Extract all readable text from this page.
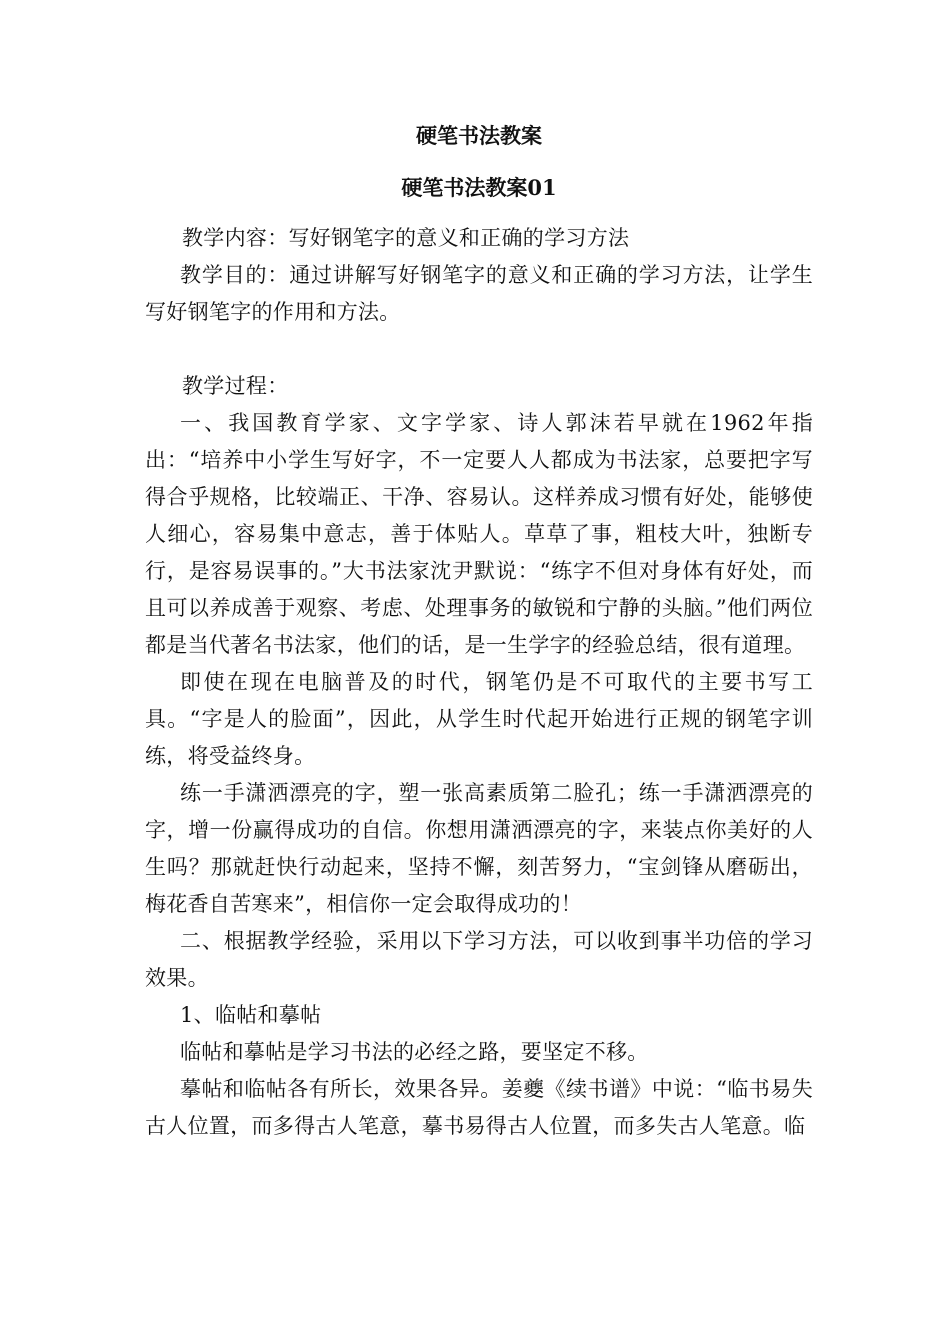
硬笔书法教案
硬笔书法教案01

教学内容：写好钢笔字的意义和正确的学习方法

教学目的：通过讲解写好钢笔字的意义和正确的学习方法，让学生写好钢笔字的作用和方法。

教学过程：

一、我国教育学家、文字学家、诗人郭沫若早就在1962年指出：“培养中小学生写好字，不一定要人人都成为书法家，总要把字写得合乎规格，比较端正、干净、容易认。这样养成习惯有好处，能够使人细心，容易集中意志，善于体贴人。草草了事，粗枝大叶，独断专行，是容易误事的。”大书法家沈尹默说：“练字不但对身体有好处，而且可以养成善于观察、考虑、处理事务的敏锐和宁静的头脑。”他们两位都是当代著名书法家，他们的话，是一生学字的经验总结，很有道理。

即使在现在电脑普及的时代，钢笔仍是不可取代的主要书写工具。“字是人的脸面”，因此，从学生时代起开始进行正规的钢笔字训练，将受益终身。

练一手潇洒漂亮的字，塑一张高素质第二脸孔；练一手潇洒漂亮的字，增一份赢得成功的自信。你想用潇洒漂亮的字，来装点你美好的人生吗？那就赶快行动起来，坚持不懈，刻苦努力，“宝剑锋从磨砺出，梅花香自苦寒来”，相信你一定会取得成功的！

二、根据教学经验，采用以下学习方法，可以收到事半功倍的学习效果。

1、临帖和摹帖

临帖和摹帖是学习书法的必经之路，要坚定不移。

摹帖和临帖各有所长，效果各异。姜夔《续书谱》中说：“临书易失古人位置，而多得古人笔意，摹书易得古人位置，而多失古人笔意。临
